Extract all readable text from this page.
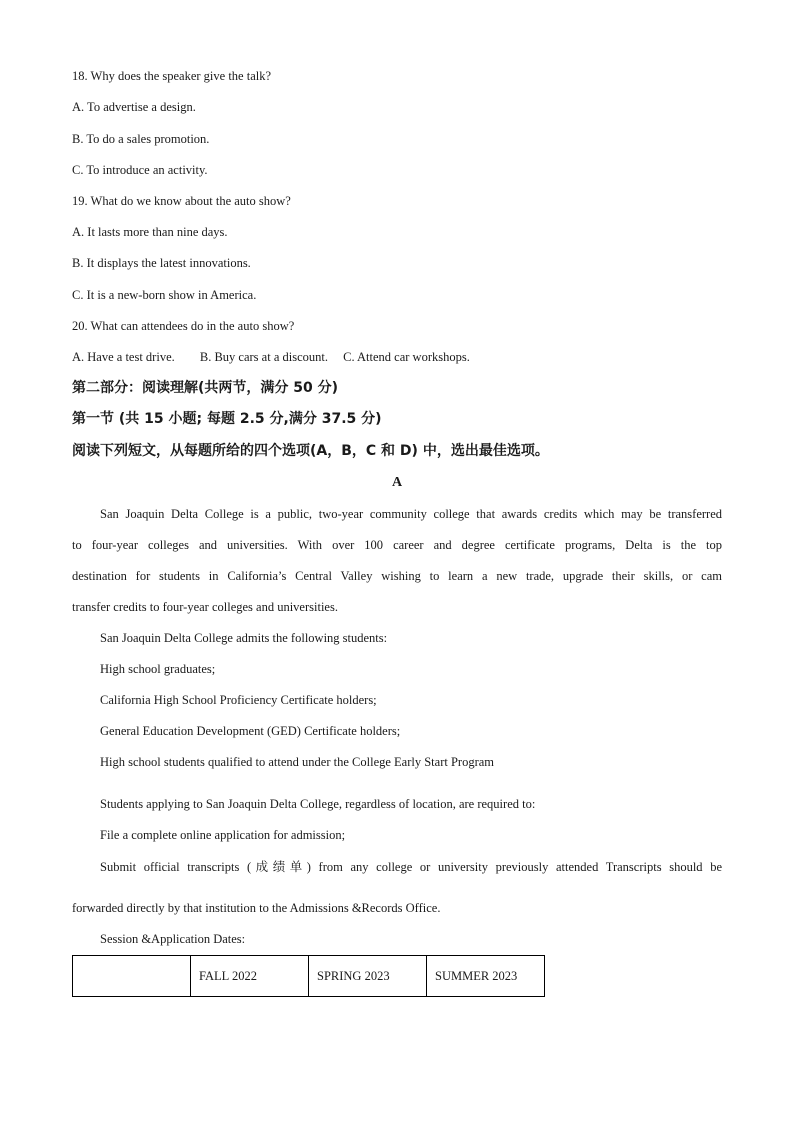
18. Why does the speaker give the talk?
A. To advertise a design.
B. To do a sales promotion.
C. To introduce an activity.
19. What do we know about the auto show?
A. It lasts more than nine days.
B. It displays the latest innovations.
C. It is a new-born show in America.
20. What can attendees do in the auto show?
A. Have a test drive. B. Buy cars at a discount. C. Attend car workshops.
第二部分：阅读理解(共两节，满分 50 分)
第一节 (共 15 小题; 每题 2.5 分,满分 37.5 分)
阅读下列短文，从每题所给的四个选项(A，B，C 和 D) 中，选出最佳选项。
A
San Joaquin Delta College is a public, two-year community college that awards credits which may be transferred
to four-year colleges and universities. With over 100 career and degree certificate programs, Delta is the top
destination for students in California’s Central Valley wishing to learn a new trade, upgrade their skills, or cam
transfer credits to four-year colleges and universities.
San Joaquin Delta College admits the following students:
High school graduates;
California High School Proficiency Certificate holders;
General Education Development (GED) Certificate holders;
High school students qualified to attend under the College Early Start Program
Students applying to San Joaquin Delta College, regardless of location, are required to:
File a complete online application for admission;
Submit official transcripts (成绩单) from any college or university previously attended Transcripts should be
forwarded directly by that institution to the Admissions &Records Office.
Session &Application Dates:
	FALL 2022	SPRING 2023	SUMMER 2023
